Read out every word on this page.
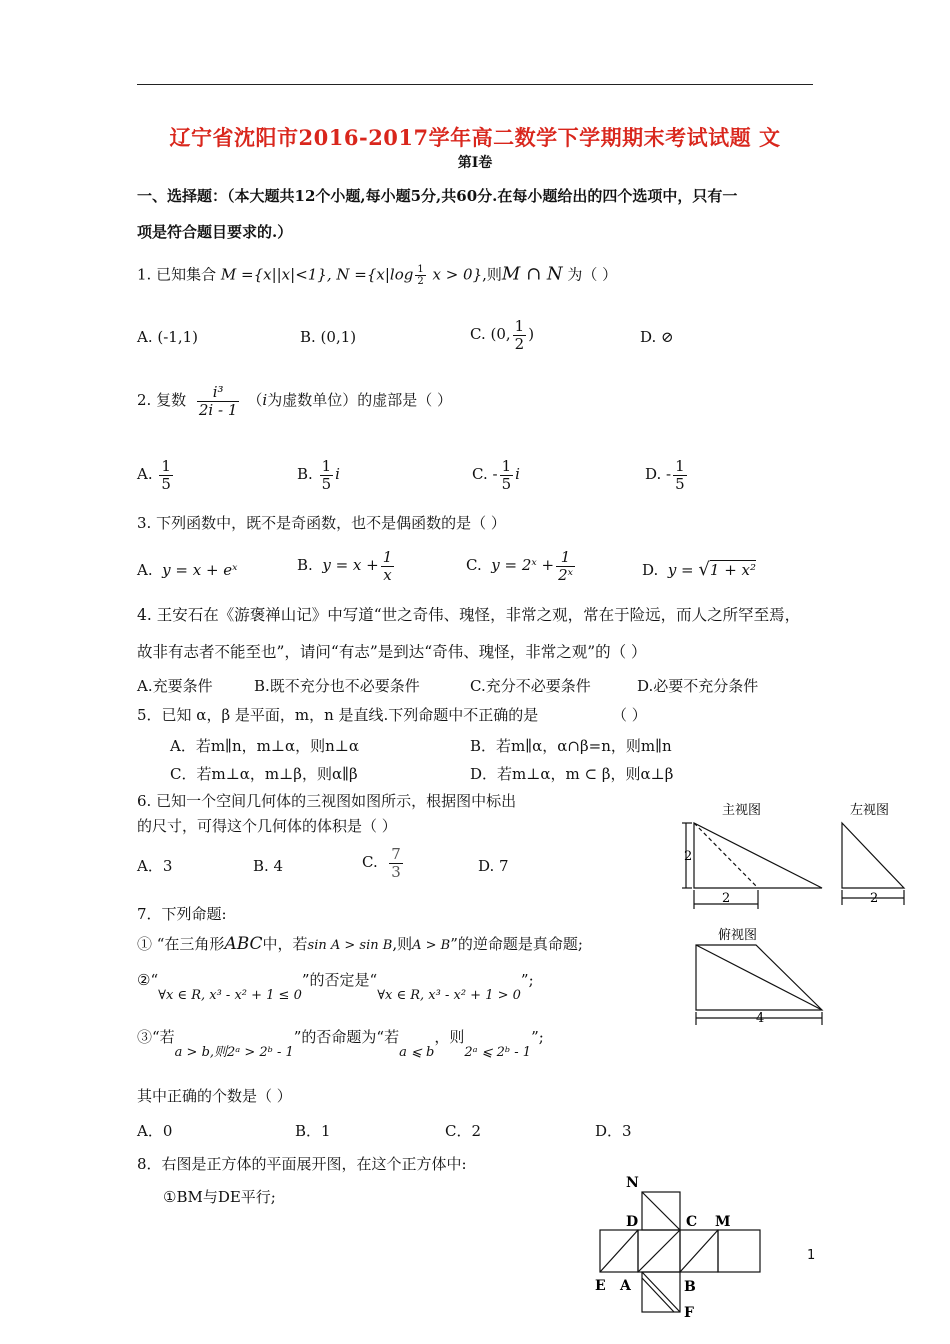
辽宁省沈阳市2016-2017学年高二数学下学期期末考试试题 文
第Ⅰ卷
一、选择题：（本大题共12个小题,每小题5分,共60分.在每小题给出的四个选项中，只有一
项是符合题目要求的.）
1. 已知集合 M ={x||x|<1}, $N =\{x|\log \frac{1}{2}$ x > 0},则M ∩ N 为（ ）
A. (-1,1)	B. (0,1)	C. (0, $\frac{1}{2}$ )	D. ⊘
2. 复数 $\frac{\text{i³}}{2i - 1} (i$为虚数单位）的虚部是（ ）
A. $\frac{1}{5}$	B. $\frac{1}{5}$ i	C. - $\frac{1}{5}$ i	D. - $\frac{1}{5}$
3. 下列函数中，既不是奇函数，也不是偶函数的是（ ）
A. y = x + eˣ	B. $y = x + \frac{1}{x}$	C. y = 2ˣ + $\frac{1}{\text{2ˣ}}$	D. y = √1 + x²
4. 王安石在《游褒禅山记》中写道“世之奇伟、瑰怪，非常之观，常在于险远，而人之所罕至焉，
故非有志者不能至也”，请问“有志”是到达“奇伟、瑰怪，非常之观”的（ ）
A.充要条件	B.既不充分也不必要条件	C.充分不必要条件	D.必要不充分条件
5．已知 α，β 是平面，m，n 是直线.下列命题中不正确的是	（ ）
A．若m∥n，m⊥α，则n⊥α	B．若m∥α，α∩β=n，则m∥n
C．若m⊥α，m⊥β，则α∥β	D．若m⊥α，m ⊂ β，则α⊥β
6. 已知一个空间几何体的三视图如图所示，根据图中标出
的尺寸，可得这个几何体的体积是（ ）
A．3	B. 4	C. $\frac{7}{3}$	D. 7
主视图	左视图
2
2	2
俯视图
4
7．下列命题:
① “在三角形ABC中，若sin A > sin B,则A > B”的逆命题是真命题;
②“∀x ∈ R, x³ - x² + 1 ≤ 0”的否定是“∀x ∈ R, x³ - x² + 1 > 0”;
③“若a > b,则2ᵃ > 2ᵇ - 1”的否命题为“若a ⩽ b，则2ᵃ ⩽ 2ᵇ - 1”;
其中正确的个数是（ ）
A．0	B．1	C．2	D．3
8．右图是正方体的平面展开图，在这个正方体中:
①BM与DE平行;
N
D	C M
E A	B
F
1
